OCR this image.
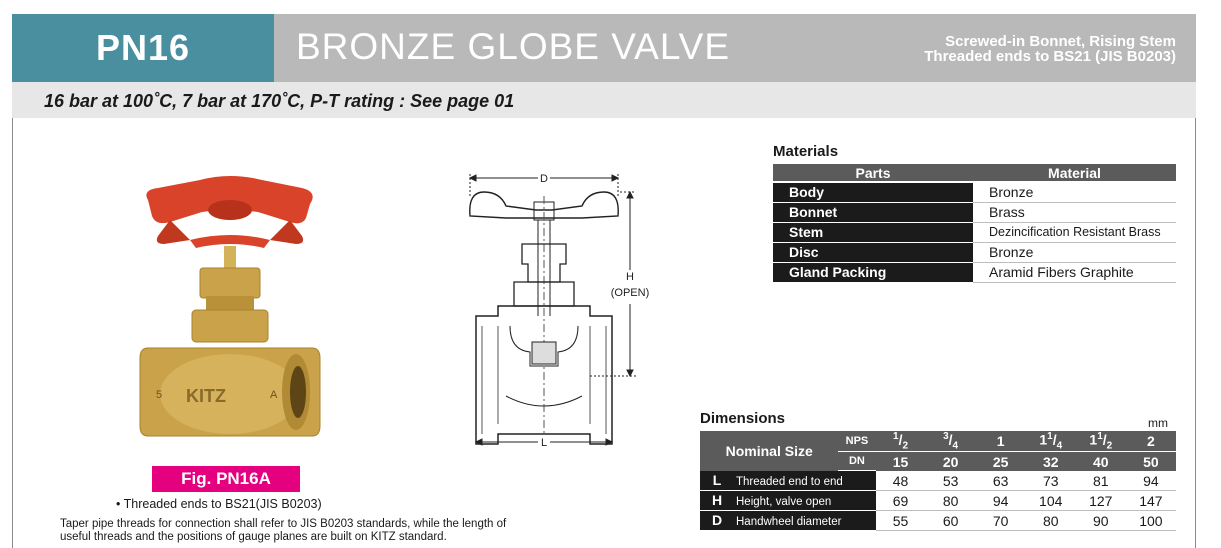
PN16	BRONZE GLOBE VALVE	Screwed-in Bonnet, Rising Stem
Threaded ends to BS21 (JIS B0203)
16 bar at 100˚C, 7 bar at 170˚C, P-T rating : See page 01
5 KITZ	A
Fig. PN16A
• Threaded ends to BS21(JIS B0203)
Taper pipe threads for connection shall refer to JIS B0203 standards, while the length of useful threads and the positions of gauge planes are built on KITZ standard.
D
H
(OPEN)
L
Materials
Parts	Material
Body	Bronze
Bonnet	Brass
Stem	Dezincification Resistant Brass
Disc	Bronze
Gland Packing	Aramid Fibers Graphite
Dimensions	mm
Nominal Size	NPS	$^1/_2$	$^3/_4$	1	$1^1/_4$	$1^1/_2$	2
	DN	15	20	25	32	40	50
L Threaded end to end		48	53	63	73	81	94
H Height, valve open		69	80	94	104	127	147
D Handwheel diameter		55	60	70	80	90	100
